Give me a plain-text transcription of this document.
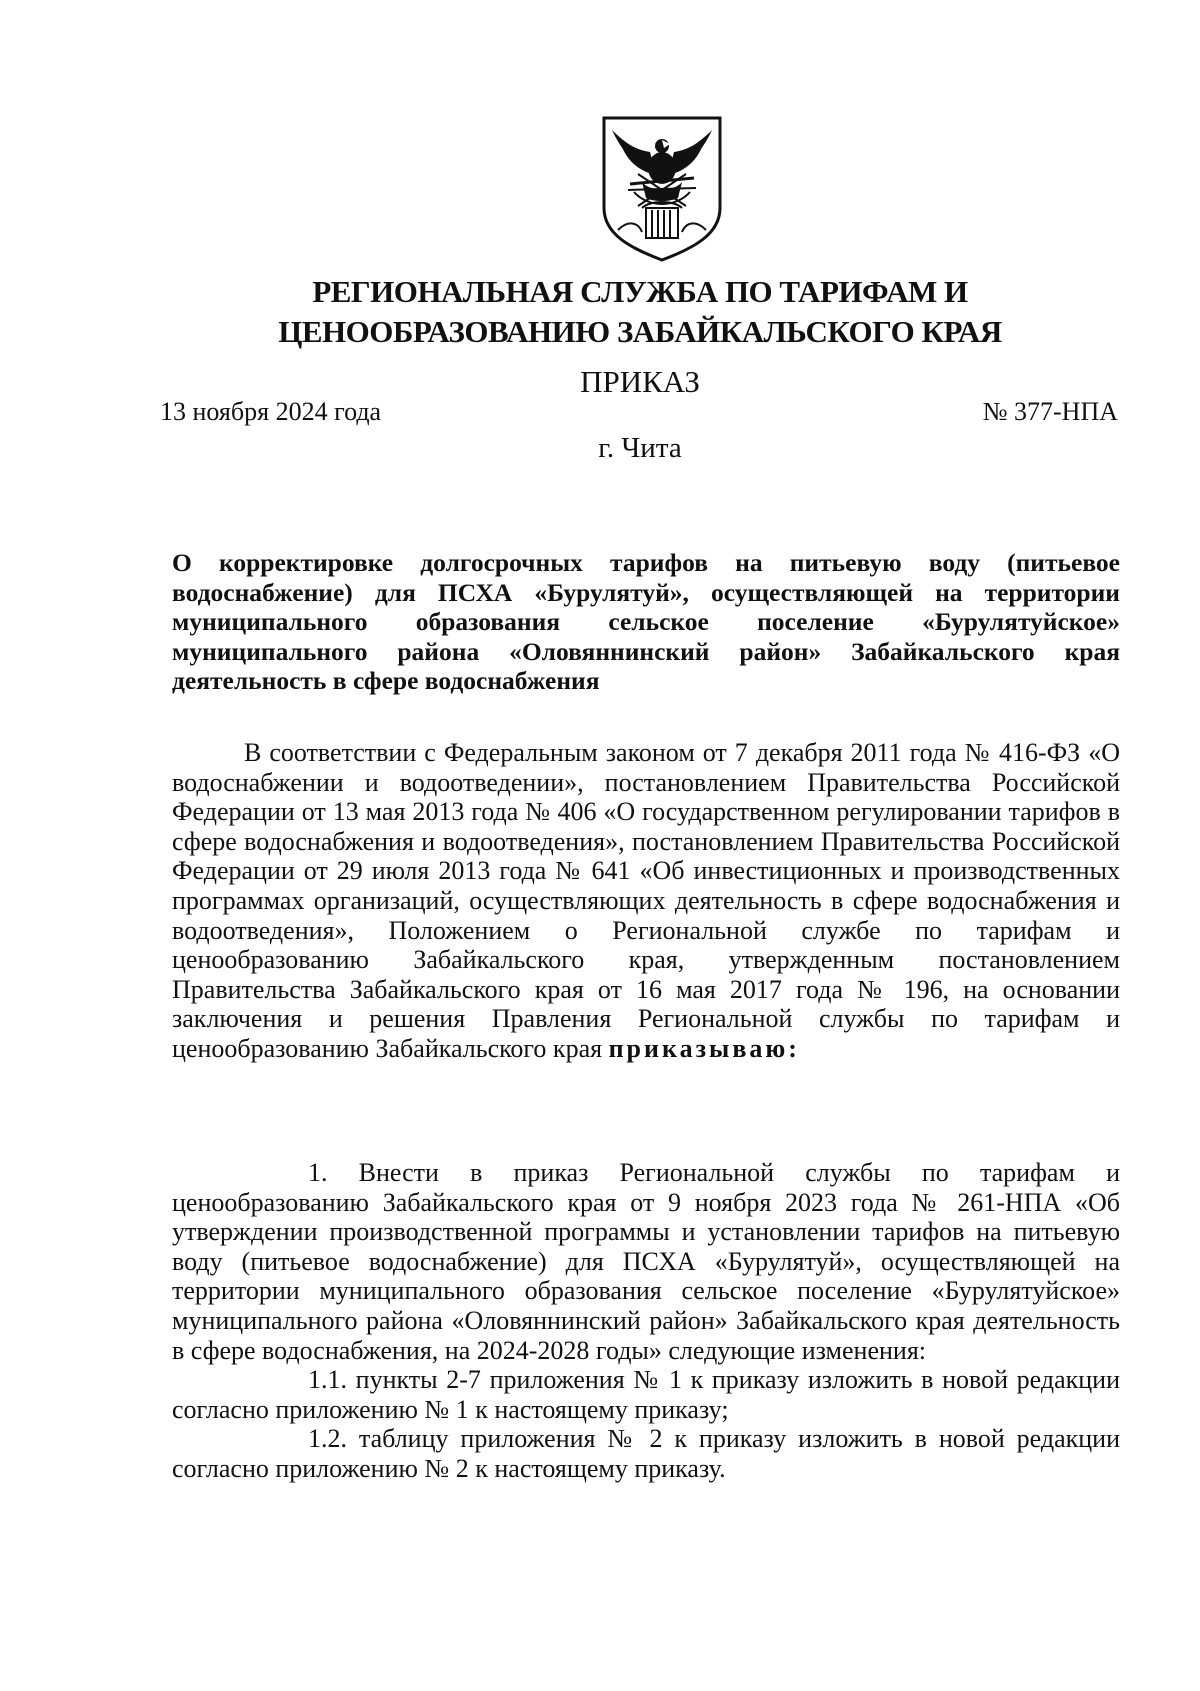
РЕГИОНАЛЬНАЯ СЛУЖБА ПО ТАРИФАМ И
ЦЕНООБРАЗОВАНИЮ ЗАБАЙКАЛЬСКОГО КРАЯ
ПРИКАЗ
13 ноября 2024 года	№ 377-НПА
г. Чита
О корректировке долгосрочных тарифов на питьевую воду (питьевое водоснабжение) для ПСХА «Бурулятуй», осуществляющей на территории муниципального образования сельское поселение «Бурулятуйское» муниципального района «Оловяннинский район» Забайкальского края деятельность в сфере водоснабжения

В соответствии с Федеральным законом от 7 декабря 2011 года № 416-ФЗ «О водоснабжении и водоотведении», постановлением Правительства Российской Федерации от 13 мая 2013 года № 406 «О государственном регулировании тарифов в сфере водоснабжения и водоотведения», постановлением Правительства Российской Федерации от 29 июля 2013 года № 641 «Об инвестиционных и производственных программах организаций, осуществляющих деятельность в сфере водоснабжения и водоотведения», Положением о Региональной службе по тарифам и ценообразованию Забайкальского края, утвержденным постановлением Правительства Забайкальского края от 16 мая 2017 года № 196, на основании заключения и решения Правления Региональной службы по тарифам и ценообразованию Забайкальского края приказываю:

1. Внести в приказ Региональной службы по тарифам и ценообразованию Забайкальского края от 9 ноября 2023 года № 261-НПА «Об утверждении производственной программы и установлении тарифов на питьевую воду (питьевое водоснабжение) для ПСХА «Бурулятуй», осуществляющей на территории муниципального образования сельское поселение «Бурулятуйское» муниципального района «Оловяннинский район» Забайкальского края деятельность в сфере водоснабжения, на 2024-2028 годы» следующие изменения:

1.1. пункты 2-7 приложения № 1 к приказу изложить в новой редакции согласно приложению № 1 к настоящему приказу;

1.2. таблицу приложения № 2 к приказу изложить в новой редакции согласно приложению № 2 к настоящему приказу.
